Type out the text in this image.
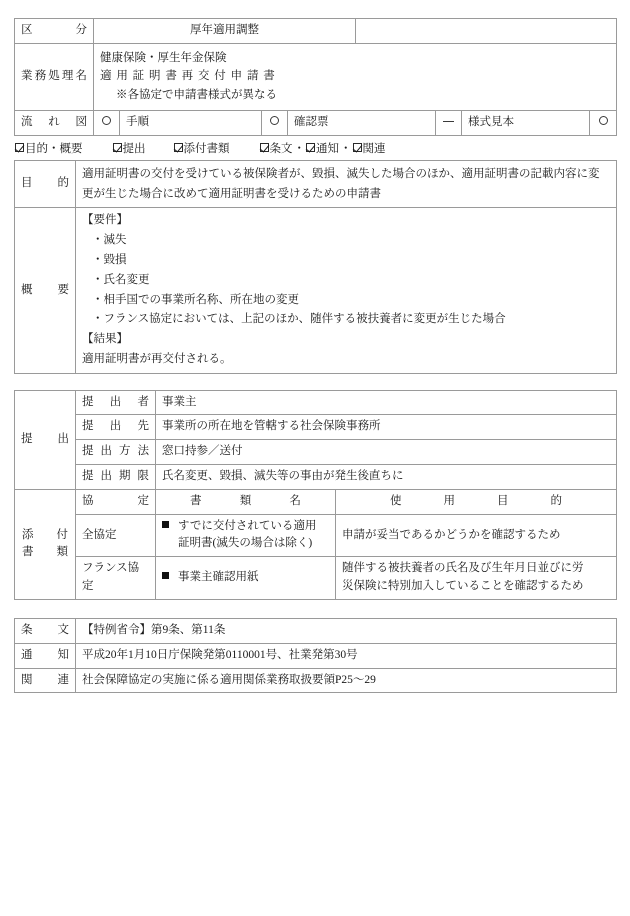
区分	厚年適用調整	
業務処理名	健康保険・厚生年金保険
適用証明書再交付申請書
※各協定で申請書様式が異なる	
流れ図		手順		確認票		様式見本	
目的・概要	提出	添付書類	条文 ・ 通知 ・ 関連
目的	適用証明書の交付を受けている被保険者が、毀損、滅失した場合のほか、適用証明書の記載内容に変更が生じた場合に改めて適用証明書を受けるための申請書
概要	
【要件】
・滅失
・毀損
・氏名変更
・相手国での事業所名称、所在地の変更
・フランス協定においては、上記のほか、随伴する被扶養者に変更が生じた場合
【結果】
適用証明書が再交付される。
提出	提出者	事業主	
	提出先	事業所の所在地を管轄する社会保険事務所	
	提出方法	窓口持参／送付	
	提出期限	氏名変更、毀損、滅失等の事由が発生後直ちに	

添付
書類	協定	書類名	使用目的
	全協定	すでに交付されている適用
証明書(滅失の場合は除く)	申請が妥当であるかどうかを確認するため

	フランス協定	事業主確認用紙	随伴する被扶養者の氏名及び生年月日並びに労
災保険に特別加入していることを確認するため
条文	【特例省令】第9条、第11条
通知	平成20年1月10日庁保険発第0110001号、社業発第30号
関連	社会保障協定の実施に係る適用関係業務取扱要領P25〜29
